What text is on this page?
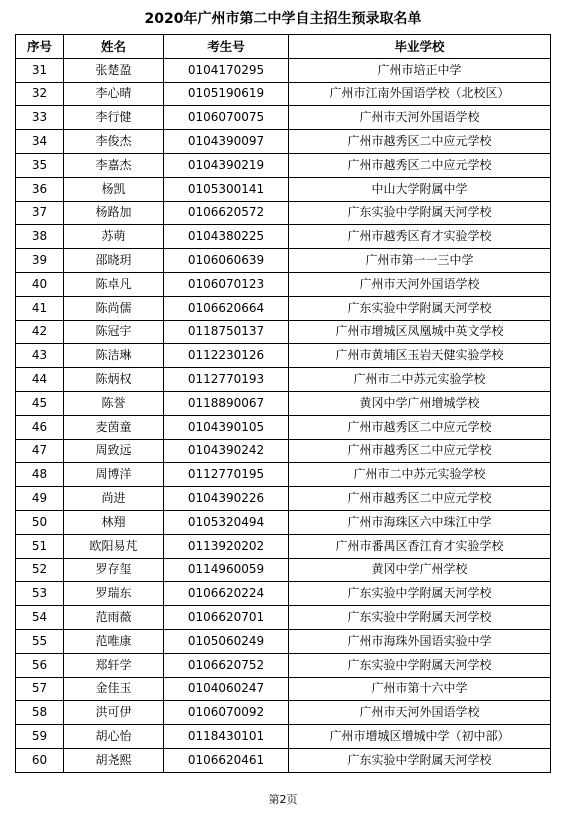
2020年广州市第二中学自主招生预录取名单
序号	姓名	考生号	毕业学校
31	张楚盈	0104170295	广州市培正中学
32	李心晴	0105190619	广州市江南外国语学校（北校区）
33	李行健	0106070075	广州市天河外国语学校
34	李俊杰	0104390097	广州市越秀区二中应元学校
35	李嘉杰	0104390219	广州市越秀区二中应元学校
36	杨凯	0105300141	中山大学附属中学
37	杨路加	0106620572	广东实验中学附属天河学校
38	苏萌	0104380225	广州市越秀区育才实验学校
39	邵晓玥	0106060639	广州市第一一三中学
40	陈卓凡	0106070123	广州市天河外国语学校
41	陈尚儒	0106620664	广东实验中学附属天河学校
42	陈冠宇	0118750137	广州市增城区凤凰城中英文学校
43	陈洁琳	0112230126	广州市黄埔区玉岩天健实验学校
44	陈炳权	0112770193	广州市二中苏元实验学校
45	陈誉	0118890067	黄冈中学广州增城学校
46	麦茵童	0104390105	广州市越秀区二中应元学校
47	周致远	0104390242	广州市越秀区二中应元学校
48	周博洋	0112770195	广州市二中苏元实验学校
49	尚进	0104390226	广州市越秀区二中应元学校
50	林翔	0105320494	广州市海珠区六中珠江中学
51	欧阳易芃	0113920202	广州市番禺区香江育才实验学校
52	罗存玺	0114960059	黄冈中学广州学校
53	罗瑞东	0106620224	广东实验中学附属天河学校
54	范雨薇	0106620701	广东实验中学附属天河学校
55	范唯康	0105060249	广州市海珠外国语实验中学
56	郑轩学	0106620752	广东实验中学附属天河学校
57	金佳玉	0104060247	广州市第十六中学
58	洪可伊	0106070092	广州市天河外国语学校
59	胡心怡	0118430101	广州市增城区增城中学（初中部）
60	胡尧熙	0106620461	广东实验中学附属天河学校
第2页
